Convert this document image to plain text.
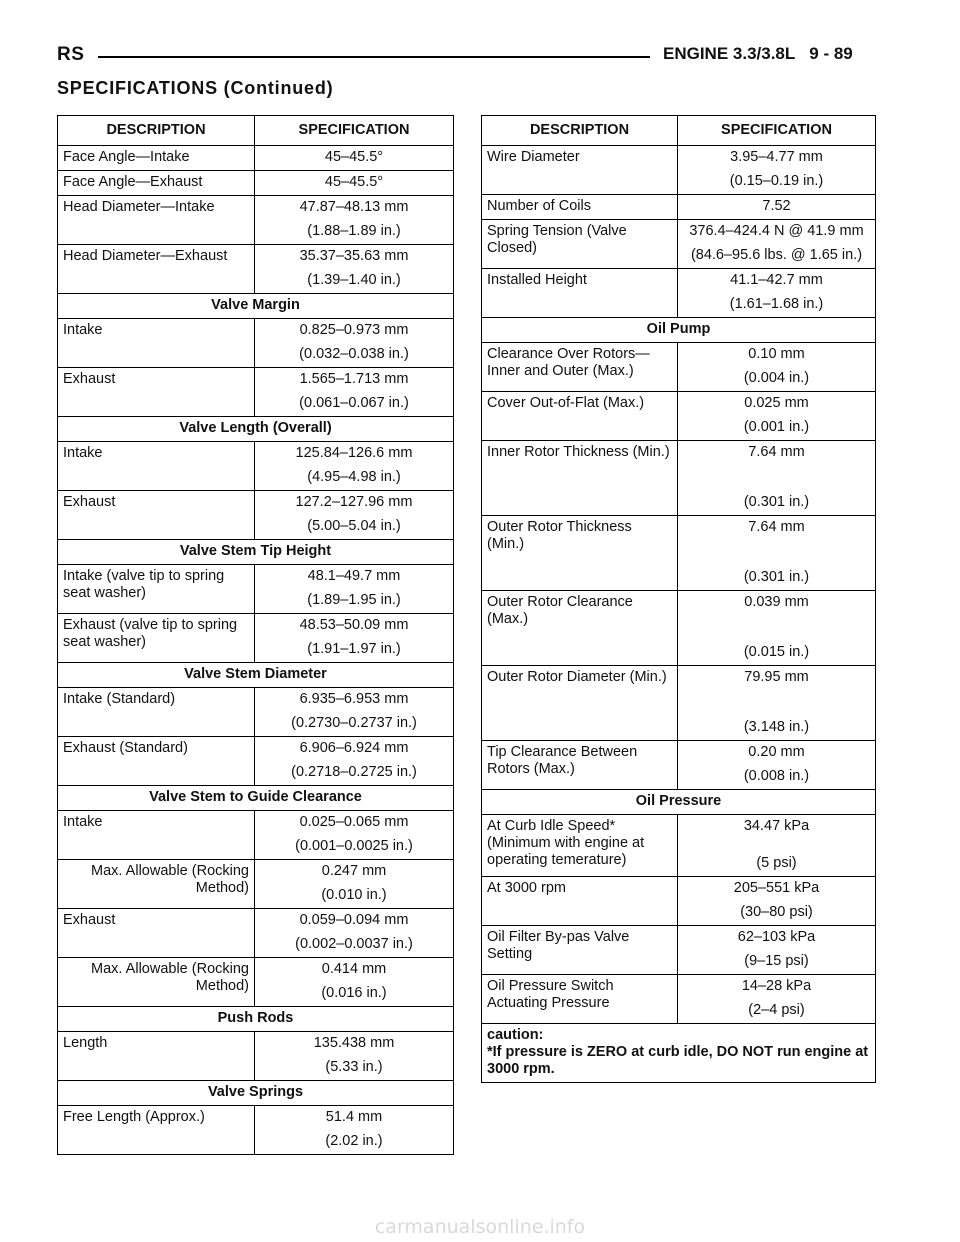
RS	ENGINE 3.3/3.8L 9 - 89
SPECIFICATIONS (Continued)
DESCRIPTION	SPECIFICATION
Face Angle—Intake	45–45.5°
Face Angle—Exhaust	45–45.5°
Head Diameter—Intake	47.87–48.13 mm
(1.88–1.89 in.)

Head Diameter—Exhaust	35.37–35.63 mm
(1.39–1.40 in.)

Valve Margin	
Intake	0.825–0.973 mm
(0.032–0.038 in.)

Exhaust	1.565–1.713 mm
(0.061–0.067 in.)

Valve Length (Overall)	
Intake	125.84–126.6 mm
(4.95–4.98 in.)

Exhaust	127.2–127.96 mm
(5.00–5.04 in.)

Valve Stem Tip Height	
Intake (valve tip to spring seat washer)	48.1–49.7 mm
(1.89–1.95 in.)

Exhaust (valve tip to spring seat washer)	48.53–50.09 mm
(1.91–1.97 in.)

Valve Stem Diameter	
Intake (Standard)	6.935–6.953 mm
(0.2730–0.2737 in.)

Exhaust (Standard)	6.906–6.924 mm
(0.2718–0.2725 in.)

Valve Stem to Guide Clearance	
Intake	0.025–0.065 mm
(0.001–0.0025 in.)

Max. Allowable (Rocking Method)	0.247 mm
(0.010 in.)

Exhaust	0.059–0.094 mm
(0.002–0.0037 in.)

Max. Allowable (Rocking Method)	0.414 mm
(0.016 in.)

Push Rods	
Length	135.438 mm
(5.33 in.)

Valve Springs	
Free Length (Approx.)	51.4 mm
(2.02 in.)
DESCRIPTION	SPECIFICATION
Wire Diameter	3.95–4.77 mm
(0.15–0.19 in.)

Number of Coils	7.52
Spring Tension (Valve Closed)	376.4–424.4 N @ 41.9 mm
(84.6–95.6 lbs. @ 1.65 in.)

Installed Height	41.1–42.7 mm
(1.61–1.68 in.)

Oil Pump	
Clearance Over Rotors—Inner and Outer (Max.)	0.10 mm
(0.004 in.)

Cover Out-of-Flat (Max.)	0.025 mm
(0.001 in.)

Inner Rotor Thickness (Min.)	7.64 mm
(0.301 in.)

Outer Rotor Thickness (Min.)	7.64 mm
(0.301 in.)

Outer Rotor Clearance (Max.)	0.039 mm
(0.015 in.)

Outer Rotor Diameter (Min.)	79.95 mm
(3.148 in.)

Tip Clearance Between Rotors (Max.)	0.20 mm
(0.008 in.)

Oil Pressure	
At Curb Idle Speed* (Minimum with engine at operating temerature)	34.47 kPa
(5 psi)

At 3000 rpm	205–551 kPa
(30–80 psi)

Oil Filter By-pas Valve Setting	62–103 kPa
(9–15 psi)

Oil Pressure Switch Actuating Pressure	14–28 kPa
(2–4 psi)

caution:
*If pressure is ZERO at curb idle, DO NOT run engine at 3000 rpm.	
carmanualsonline.info
